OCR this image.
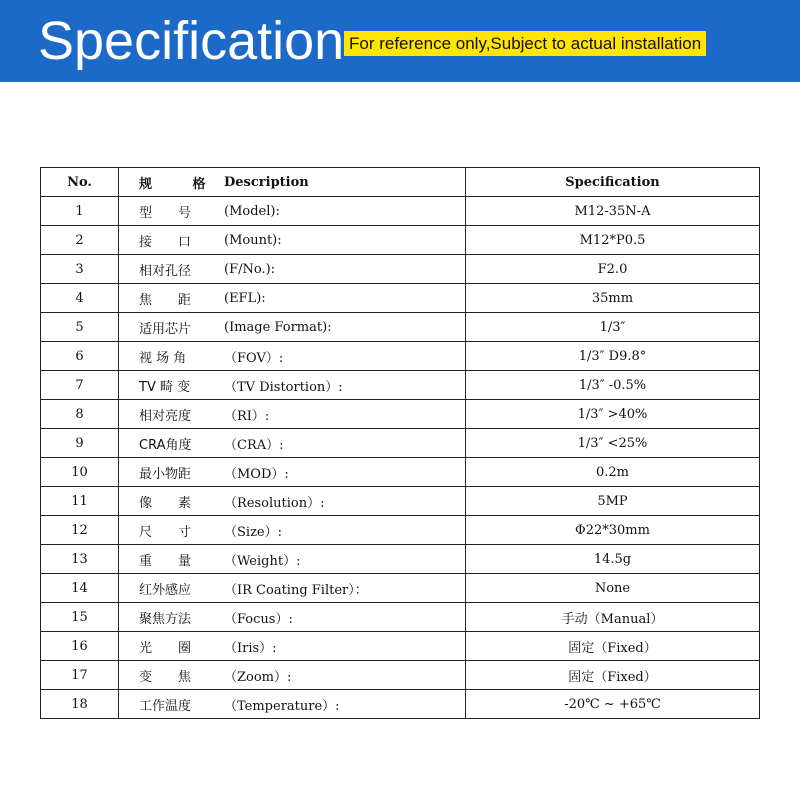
Specification For reference only,Subject to actual installation
No.	规 格 Description	Specification
1	型　　号 (Model):	M12-35N-A
2	接　　口 (Mount):	M12*P0.5
3	相对孔径 (F/No.):	F2.0
4	焦　　距 (EFL):	35mm
5	适用芯片 (Image Format):	1/3″
6	视 场 角 （FOV）:	1/3″ D9.8°
7	TV 畸 变 （TV Distortion）:	1/3″ -0.5%
8	相对亮度 （RI）:	1/3″ >40%
9	CRA角度 （CRA）:	1/3″ <25%
10	最小物距 （MOD）:	0.2m
11	像　　素 （Resolution）:	5MP
12	尺　　寸 （Size）:	Φ22*30mm
13	重　　量 （Weight）:	14.5g
14	红外感应 （IR Coating Filter）：	None
15	聚焦方法 （Focus）:	手动（Manual）
16	光　　圈 （Iris）:	固定（Fixed）
17	变　　焦 （Zoom）:	固定（Fixed）
18	工作温度 （Temperature）:	-20℃ ~ +65℃
